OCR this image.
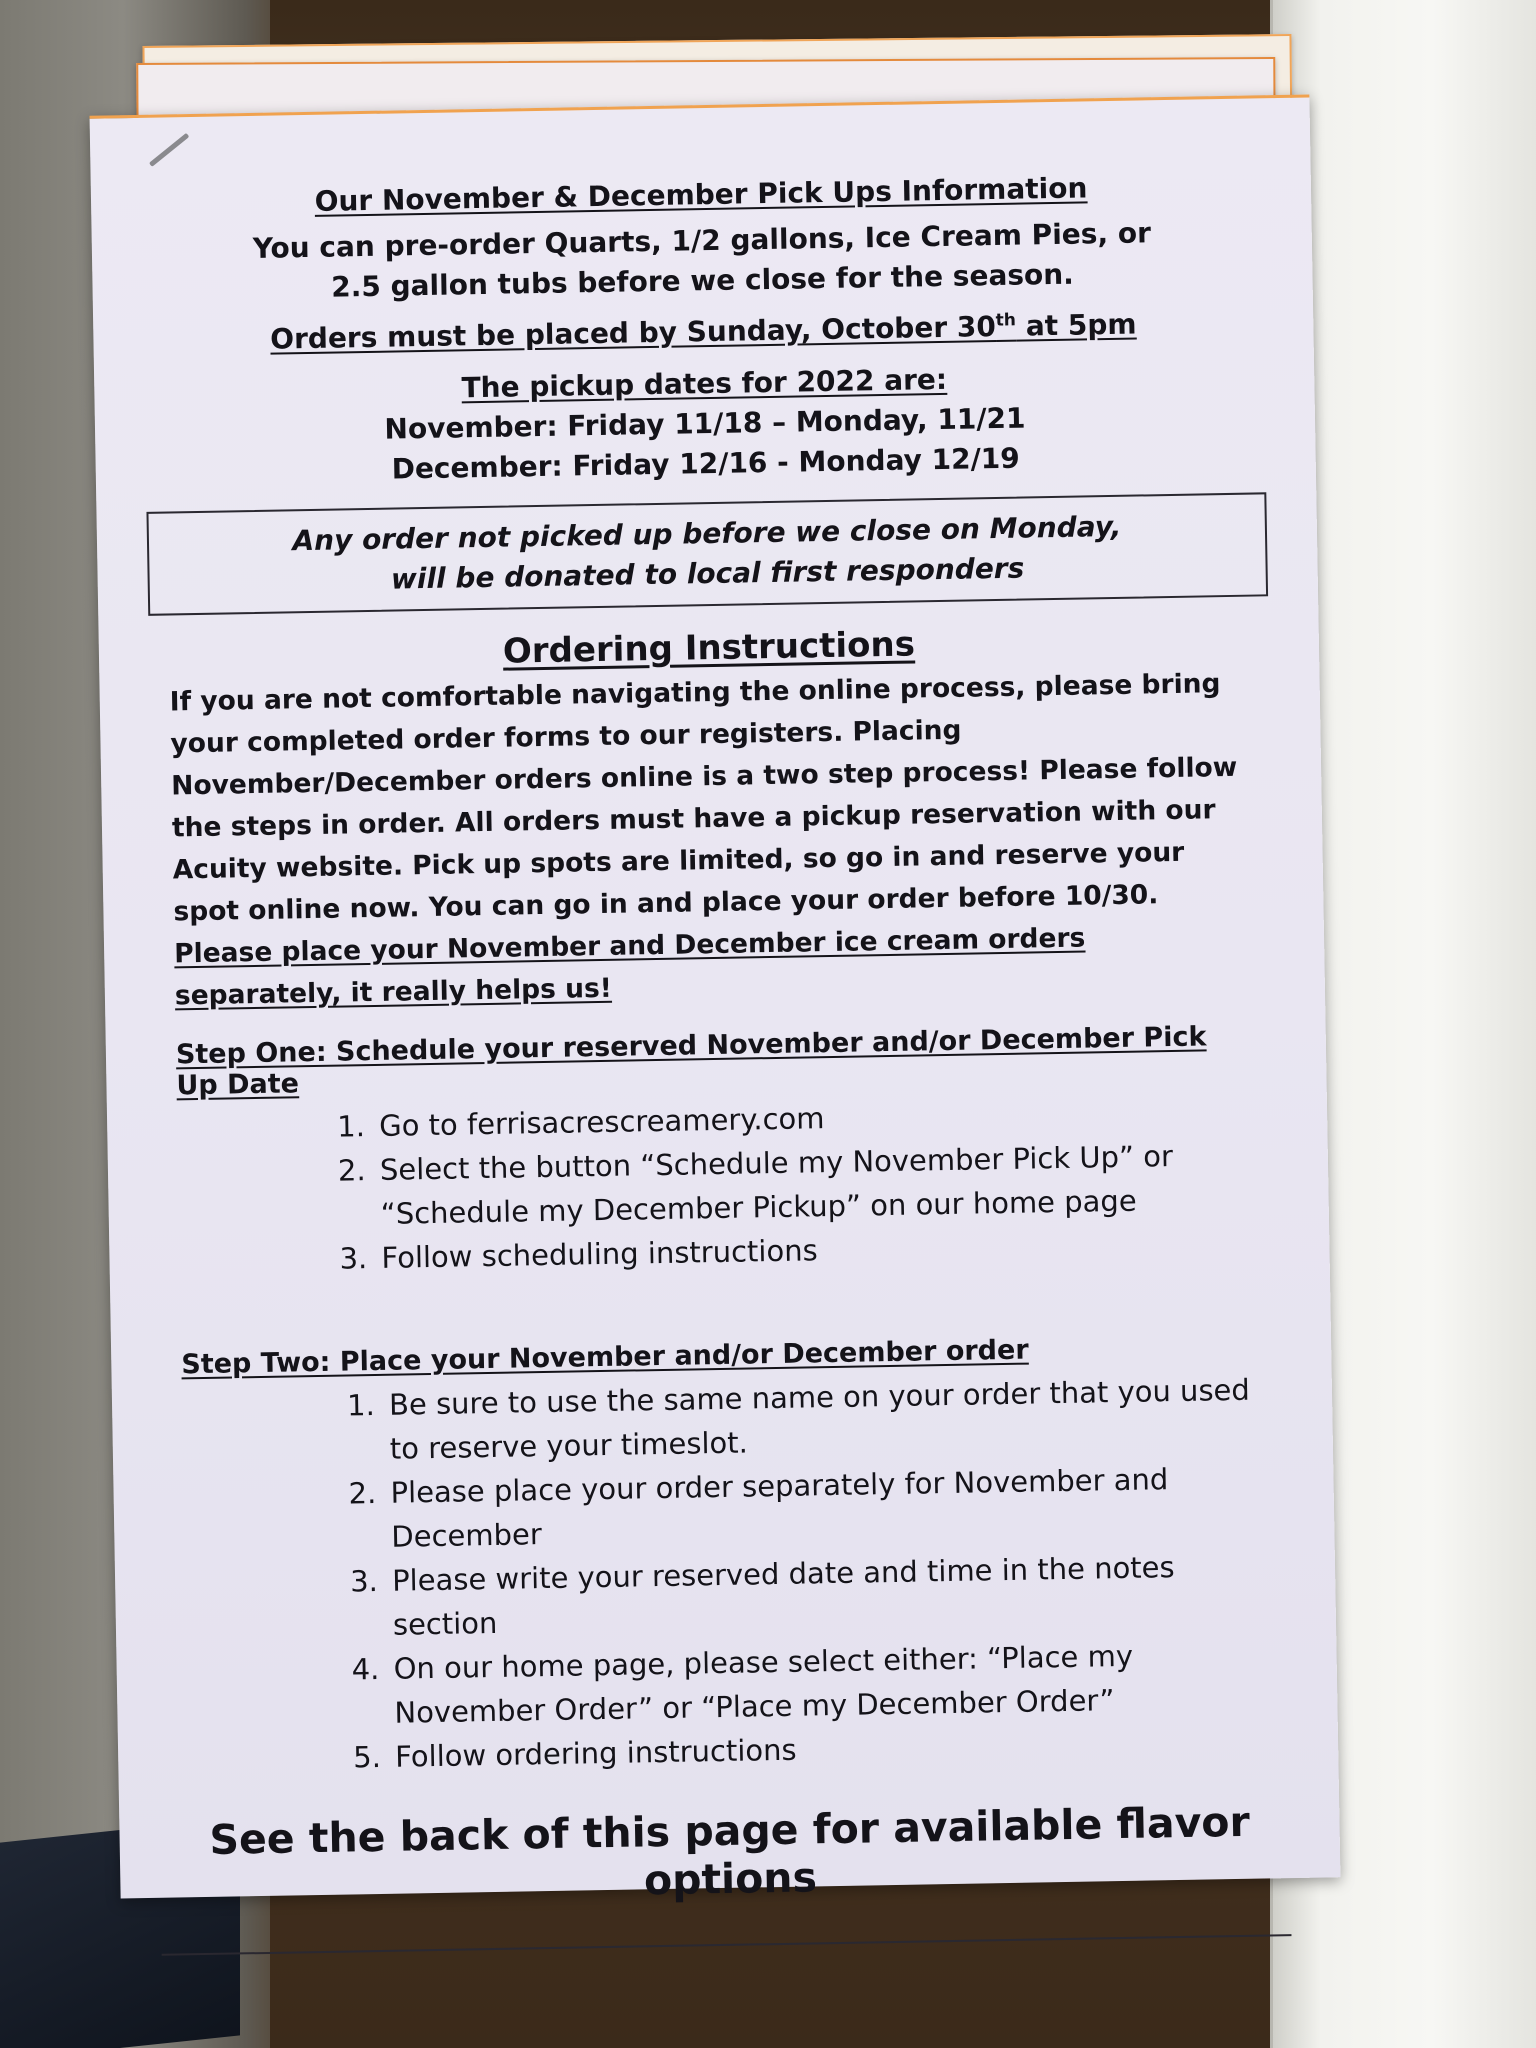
Our November & December Pick Ups Information

You can pre-order Quarts, 1/2 gallons, Ice Cream Pies, or

2.5 gallon tubs before we close for the season.

Orders must be placed by Sunday, October 30th at 5pm

The pickup dates for 2022 are:

November: Friday 11/18 – Monday, 11/21

December: Friday 12/16 - Monday 12/19

Any order not picked up before we close on Monday,
will be donated to local first responders

Ordering Instructions

If you are not comfortable navigating the online process, please bring your completed order forms to our registers. Placing November/December orders online is a two step process! Please follow the steps in order. All orders must have a pickup reservation with our Acuity website. Pick up spots are limited, so go in and reserve your spot online now. You can go in and place your order before 10/30. Please place your November and December ice cream orders separately, it really helps us!

Step One: Schedule your reserved November and/or December Pick Up Date

1. Go to ferrisacrescreamery.com
2. Select the button “Schedule my November Pick Up” or “Schedule my December Pickup” on our home page
3. Follow scheduling instructions

Step Two: Place your November and/or December order

1. Be sure to use the same name on your order that you used to reserve your timeslot.
2. Please place your order separately for November and December
3. Please write your reserved date and time in the notes section
4. On our home page, please select either: “Place my November Order” or “Place my December Order”
5. Follow ordering instructions

See the back of this page for available flavor options
